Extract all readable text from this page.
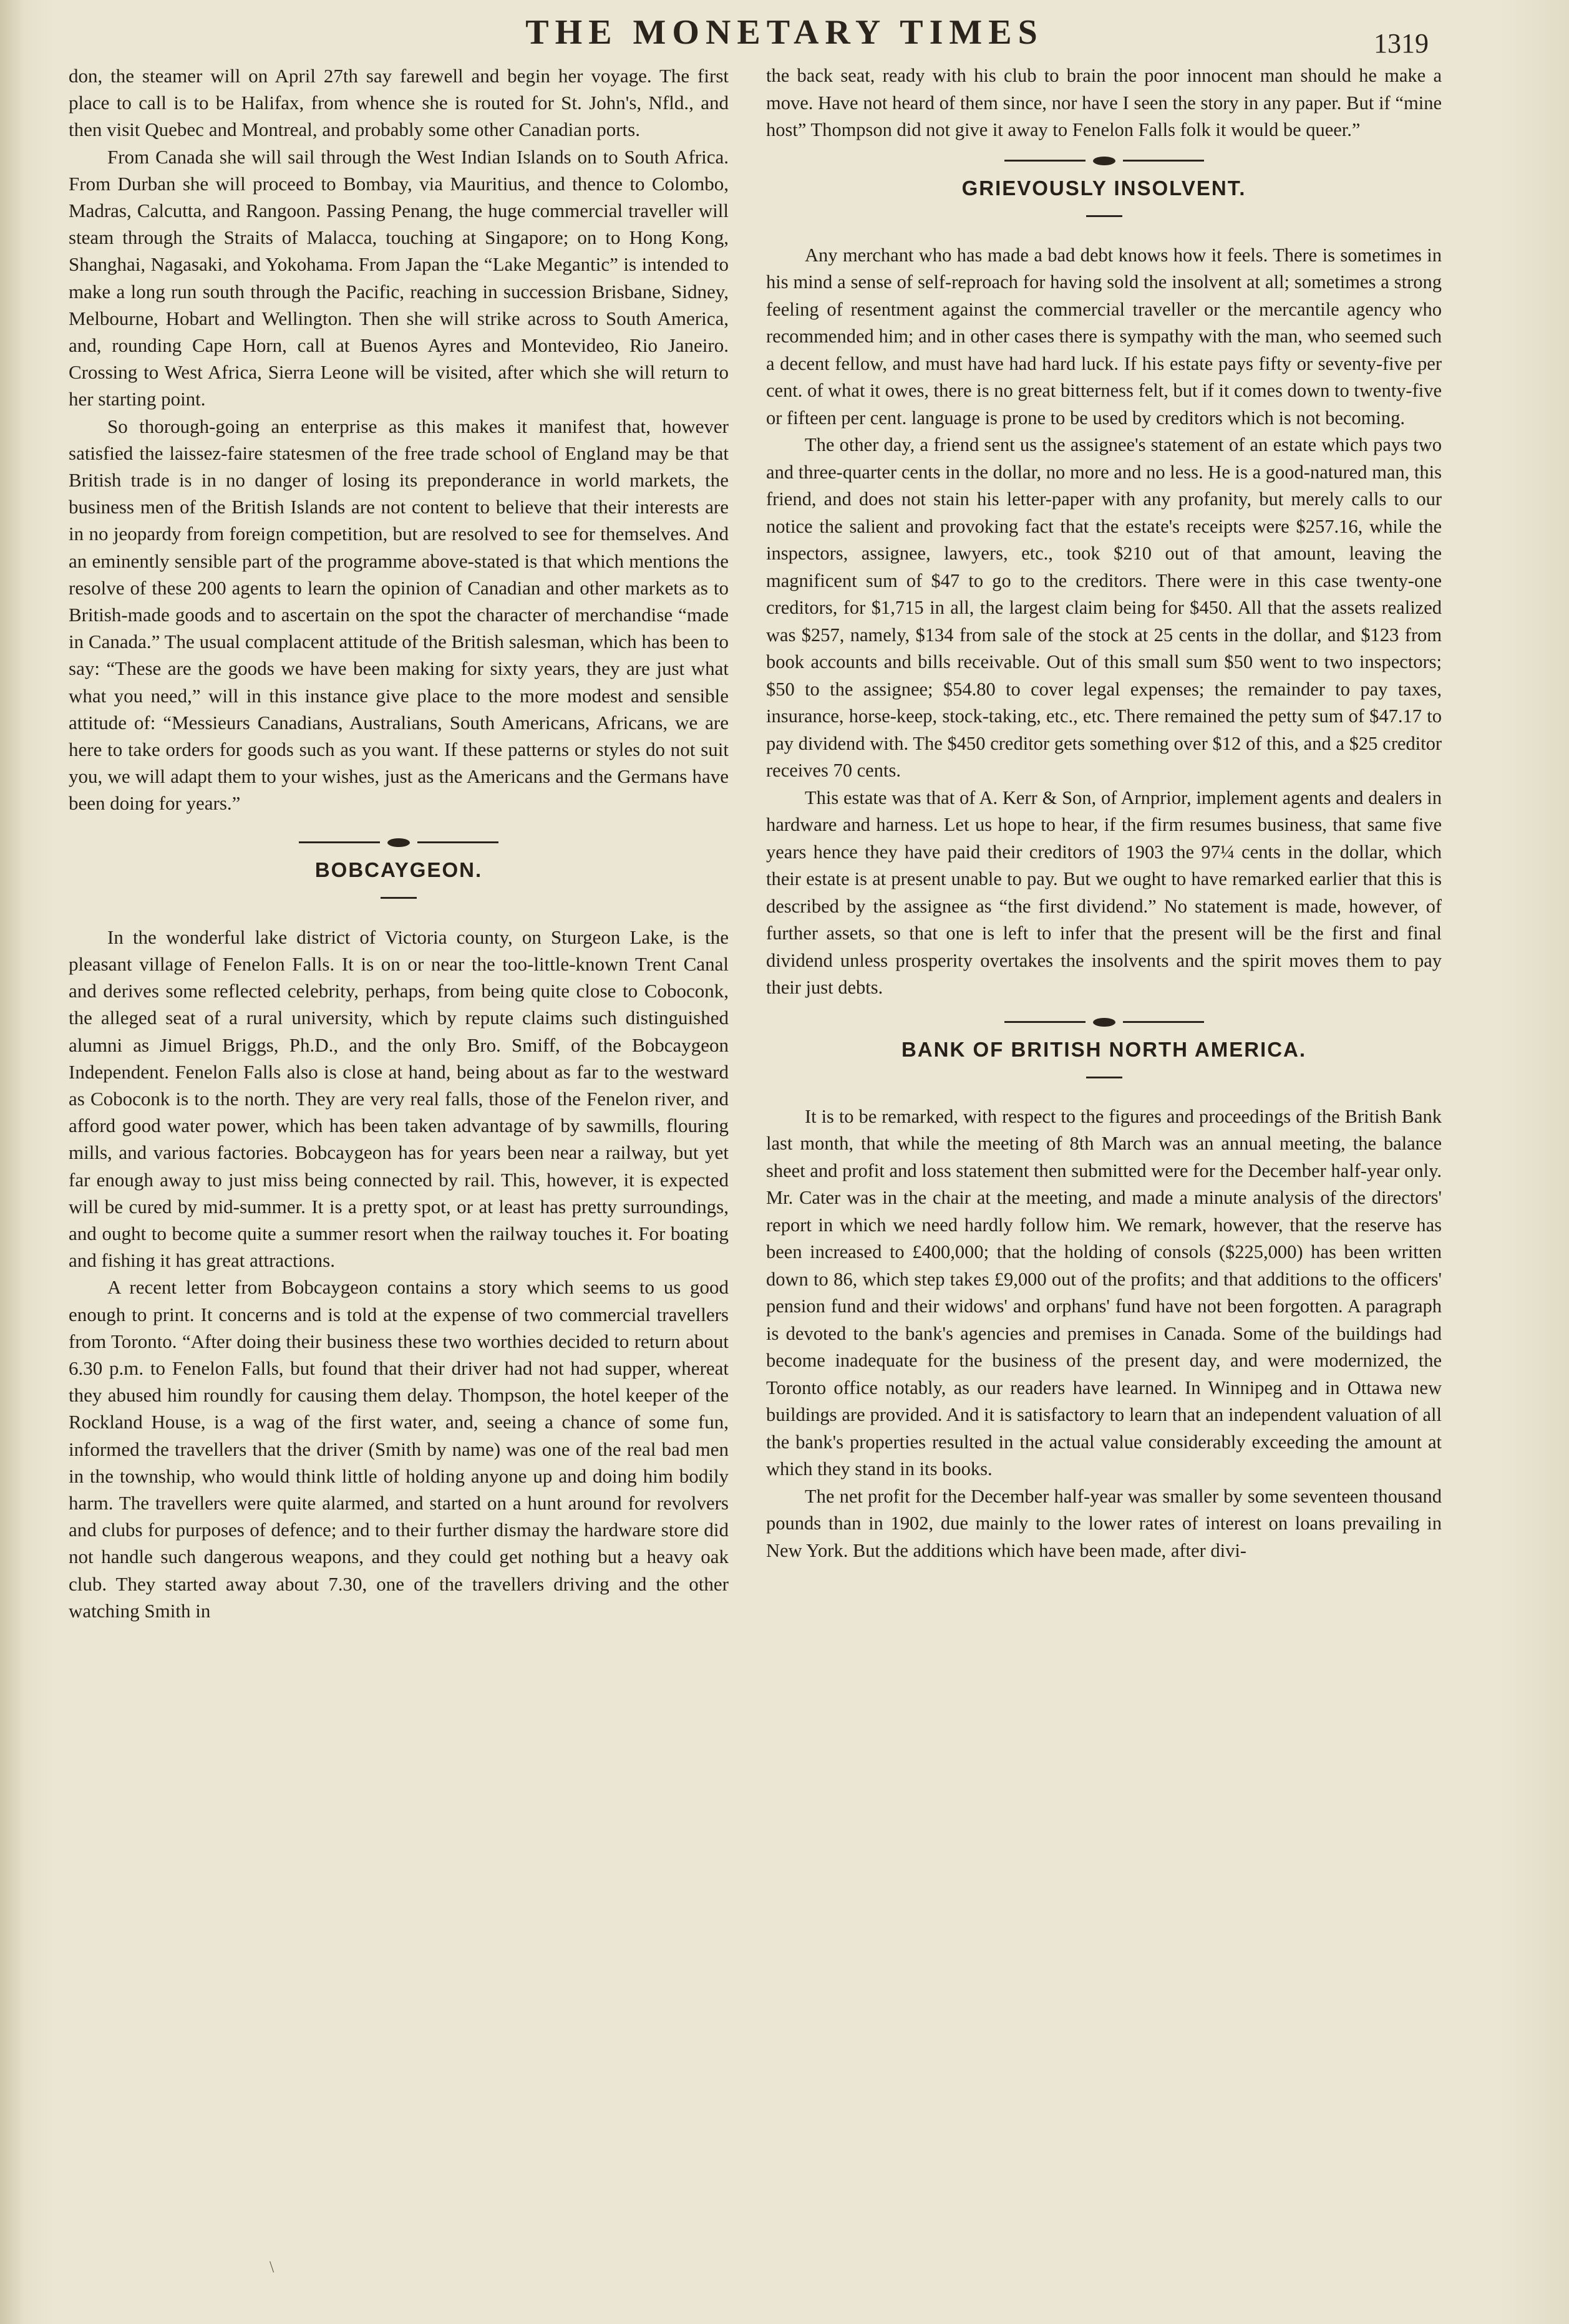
THE MONETARY TIMES	1319

don, the steamer will on April 27th say farewell and begin her voyage. The first place to call is to be Halifax, from whence she is routed for St. John's, Nfld., and then visit Quebec and Montreal, and probably some other Canadian ports.

From Canada she will sail through the West Indian Islands on to South Africa. From Durban she will proceed to Bombay, via Mauritius, and thence to Colombo, Madras, Calcutta, and Rangoon. Passing Penang, the huge commercial traveller will steam through the Straits of Malacca, touching at Singapore; on to Hong Kong, Shanghai, Nagasaki, and Yokohama. From Japan the “Lake Megantic” is intended to make a long run south through the Pacific, reaching in succession Brisbane, Sidney, Melbourne, Hobart and Wellington. Then she will strike across to South America, and, rounding Cape Horn, call at Buenos Ayres and Montevideo, Rio Janeiro. Crossing to West Africa, Sierra Leone will be visited, after which she will return to her starting point.

So thorough-going an enterprise as this makes it manifest that, however satisfied the laissez-faire statesmen of the free trade school of England may be that British trade is in no danger of losing its preponderance in world markets, the business men of the British Islands are not content to believe that their interests are in no jeopardy from foreign competition, but are resolved to see for themselves. And an eminently sensible part of the programme above-stated is that which mentions the resolve of these 200 agents to learn the opinion of Canadian and other markets as to British-made goods and to ascertain on the spot the character of merchandise “made in Canada.” The usual complacent attitude of the British salesman, which has been to say: “These are the goods we have been making for sixty years, they are just what what you need,” will in this instance give place to the more modest and sensible attitude of: “Messieurs Canadians, Australians, South Americans, Africans, we are here to take orders for goods such as you want. If these patterns or styles do not suit you, we will adapt them to your wishes, just as the Americans and the Germans have been doing for years.”

BOBCAYGEON.

In the wonderful lake district of Victoria county, on Sturgeon Lake, is the pleasant village of Fenelon Falls. It is on or near the too-little-known Trent Canal and derives some reflected celebrity, perhaps, from being quite close to Coboconk, the alleged seat of a rural university, which by repute claims such distinguished alumni as Jimuel Briggs, Ph.D., and the only Bro. Smiff, of the Bobcaygeon Independent. Fenelon Falls also is close at hand, being about as far to the westward as Coboconk is to the north. They are very real falls, those of the Fenelon river, and afford good water power, which has been taken advantage of by sawmills, flouring mills, and various factories. Bobcaygeon has for years been near a railway, but yet far enough away to just miss being connected by rail. This, however, it is expected will be cured by mid-summer. It is a pretty spot, or at least has pretty surroundings, and ought to become quite a summer resort when the railway touches it. For boating and fishing it has great attractions.

A recent letter from Bobcaygeon contains a story which seems to us good enough to print. It concerns and is told at the expense of two commercial travellers from Toronto. “After doing their business these two worthies decided to return about 6.30 p.m. to Fenelon Falls, but found that their driver had not had supper, whereat they abused him roundly for causing them delay. Thompson, the hotel keeper of the Rockland House, is a wag of the first water, and, seeing a chance of some fun, informed the travellers that the driver (Smith by name) was one of the real bad men in the township, who would think little of holding anyone up and doing him bodily harm. The travellers were quite alarmed, and started on a hunt around for revolvers and clubs for purposes of defence; and to their further dismay the hardware store did not handle such dangerous weapons, and they could get nothing but a heavy oak club. They started away about 7.30, one of the travellers driving and the other watching Smith in

the back seat, ready with his club to brain the poor innocent man should he make a move. Have not heard of them since, nor have I seen the story in any paper. But if “mine host” Thompson did not give it away to Fenelon Falls folk it would be queer.”

GRIEVOUSLY INSOLVENT.

Any merchant who has made a bad debt knows how it feels. There is sometimes in his mind a sense of self-reproach for having sold the insolvent at all; sometimes a strong feeling of resentment against the commercial traveller or the mercantile agency who recommended him; and in other cases there is sympathy with the man, who seemed such a decent fellow, and must have had hard luck. If his estate pays fifty or seventy-five per cent. of what it owes, there is no great bitterness felt, but if it comes down to twenty-five or fifteen per cent. language is prone to be used by creditors which is not becoming.

The other day, a friend sent us the assignee's statement of an estate which pays two and three-quarter cents in the dollar, no more and no less. He is a good-natured man, this friend, and does not stain his letter-paper with any profanity, but merely calls to our notice the salient and provoking fact that the estate's receipts were $257.16, while the inspectors, assignee, lawyers, etc., took $210 out of that amount, leaving the magnificent sum of $47 to go to the creditors. There were in this case twenty-one creditors, for $1,715 in all, the largest claim being for $450. All that the assets realized was $257, namely, $134 from sale of the stock at 25 cents in the dollar, and $123 from book accounts and bills receivable. Out of this small sum $50 went to two inspectors; $50 to the assignee; $54.80 to cover legal expenses; the remainder to pay taxes, insurance, horse-keep, stock-taking, etc., etc. There remained the petty sum of $47.17 to pay dividend with. The $450 creditor gets something over $12 of this, and a $25 creditor receives 70 cents.

This estate was that of A. Kerr & Son, of Arnprior, implement agents and dealers in hardware and harness. Let us hope to hear, if the firm resumes business, that same five years hence they have paid their creditors of 1903 the 97¼ cents in the dollar, which their estate is at present unable to pay. But we ought to have remarked earlier that this is described by the assignee as “the first dividend.” No statement is made, however, of further assets, so that one is left to infer that the present will be the first and final dividend unless prosperity overtakes the insolvents and the spirit moves them to pay their just debts.

BANK OF BRITISH NORTH AMERICA.

It is to be remarked, with respect to the figures and proceedings of the British Bank last month, that while the meeting of 8th March was an annual meeting, the balance sheet and profit and loss statement then submitted were for the December half-year only. Mr. Cater was in the chair at the meeting, and made a minute analysis of the directors' report in which we need hardly follow him. We remark, however, that the reserve has been increased to £400,000; that the holding of consols ($225,000) has been written down to 86, which step takes £9,000 out of the profits; and that additions to the officers' pension fund and their widows' and orphans' fund have not been forgotten. A paragraph is devoted to the bank's agencies and premises in Canada. Some of the buildings had become inadequate for the business of the present day, and were modernized, the Toronto office notably, as our readers have learned. In Winnipeg and in Ottawa new buildings are provided. And it is satisfactory to learn that an independent valuation of all the bank's properties resulted in the actual value considerably exceeding the amount at which they stand in its books.

The net profit for the December half-year was smaller by some seventeen thousand pounds than in 1902, due mainly to the lower rates of interest on loans prevailing in New York. But the additions which have been made, after divi-

\
